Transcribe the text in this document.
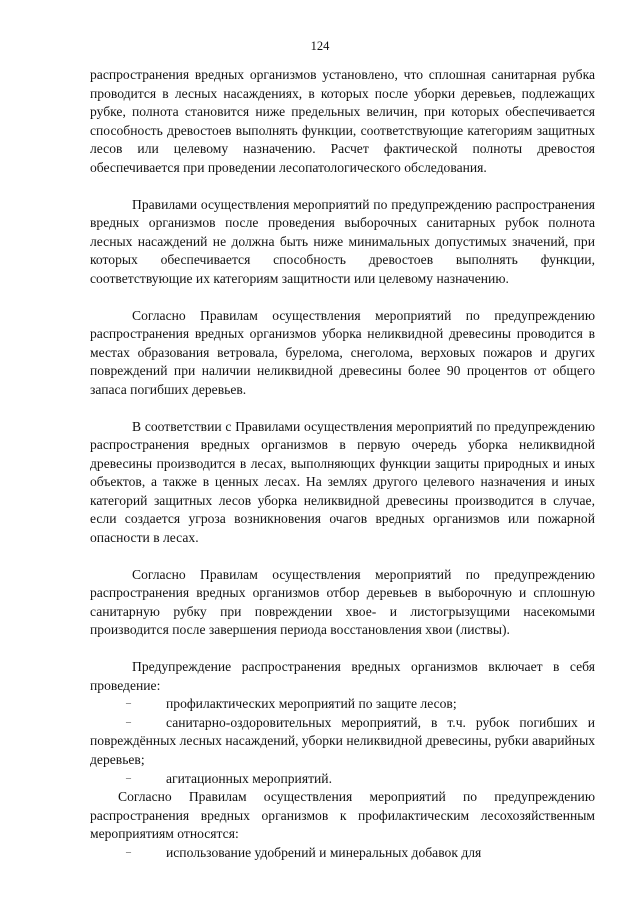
124

распространения вредных организмов установлено, что сплошная санитарная рубка проводится в лесных насаждениях, в которых после уборки деревьев, подлежащих рубке, полнота становится ниже предельных величин, при которых обеспечивается способность древостоев выполнять функции, соответствующие категориям защитных лесов или целевому назначению. Расчет фактической полноты древостоя обеспечивается при проведении лесопатологического обследования.

Правилами осуществления мероприятий по предупреждению распространения вредных организмов после проведения выборочных санитарных рубок полнота лесных насаждений не должна быть ниже минимальных допустимых значений, при которых обеспечивается способность древостоев выполнять функции, соответствующие их категориям защитности или целевому назначению.

Согласно Правилам осуществления мероприятий по предупреждению распространения вредных организмов уборка неликвидной древесины проводится в местах образования ветровала, бурелома, снеголома, верховых пожаров и других повреждений при наличии неликвидной древесины более 90 процентов от общего запаса погибших деревьев.

В соответствии с Правилами осуществления мероприятий по предупреждению распространения вредных организмов в первую очередь уборка неликвидной древесины производится в лесах, выполняющих функции защиты природных и иных объектов, а также в ценных лесах. На землях другого целевого назначения и иных категорий защитных лесов уборка неликвидной древесины производится в случае, если создается угроза возникновения очагов вредных организмов или пожарной опасности в лесах.

Согласно Правилам осуществления мероприятий по предупреждению распространения вредных организмов отбор деревьев в выборочную и сплошную санитарную рубку при повреждении хвое- и листогрызущими насекомыми производится после завершения периода восстановления хвои (листвы).

Предупреждение распространения вредных организмов включает в себя проведение:

–	профилактических мероприятий по защите лесов;
–	санитарно-оздоровительных мероприятий, в т.ч. рубок погибших и повреждённых лесных насаждений, уборки неликвидной древесины, рубки аварийных деревьев;
–	агитационных мероприятий.

Согласно Правилам осуществления мероприятий по предупреждению распространения вредных организмов к профилактическим лесохозяйственным мероприятиям относятся:

–	использование удобрений и минеральных добавок для
